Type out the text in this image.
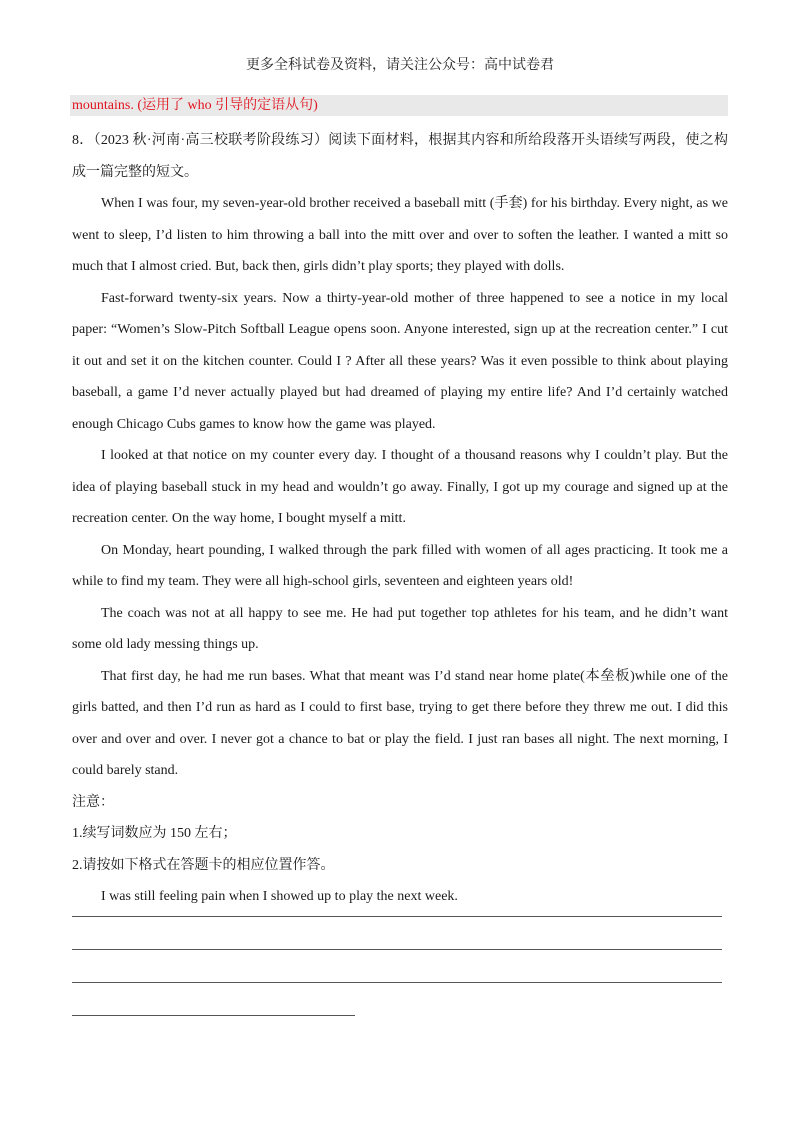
更多全科试卷及资料，请关注公众号：高中试卷君
mountains. (运用了 who 引导的定语从句)

8．（2023 秋·河南·高三校联考阶段练习）阅读下面材料，根据其内容和所给段落开头语续写两段，使之构成一篇完整的短文。

When I was four, my seven-year-old brother received a baseball mitt (手套) for his birthday. Every night, as we went to sleep, I’d listen to him throwing a ball into the mitt over and over to soften the leather. I wanted a mitt so much that I almost cried. But, back then, girls didn’t play sports; they played with dolls.

Fast-forward twenty-six years. Now a thirty-year-old mother of three happened to see a notice in my local paper: “Women’s Slow-Pitch Softball League opens soon. Anyone interested, sign up at the recreation center.” I cut it out and set it on the kitchen counter. Could I ? After all these years? Was it even possible to think about playing baseball, a game I’d never actually played but had dreamed of playing my entire life? And I’d certainly watched enough Chicago Cubs games to know how the game was played.

I looked at that notice on my counter every day. I thought of a thousand reasons why I couldn’t play. But the idea of playing baseball stuck in my head and wouldn’t go away. Finally, I got up my courage and signed up at the recreation center. On the way home, I bought myself a mitt.

On Monday, heart pounding, I walked through the park filled with women of all ages practicing. It took me a while to find my team. They were all high-school girls, seventeen and eighteen years old!

The coach was not at all happy to see me. He had put together top athletes for his team, and he didn’t want some old lady messing things up.

That first day, he had me run bases. What that meant was I’d stand near home plate(本垒板)while one of the girls batted, and then I’d run as hard as I could to first base, trying to get there before they threw me out. I did this over and over and over. I never got a chance to bat or play the field. I just ran bases all night. The next morning, I could barely stand.

注意：

1.续写词数应为 150 左右；

2.请按如下格式在答题卡的相应位置作答。

I was still feeling pain when I showed up to play the next week.
